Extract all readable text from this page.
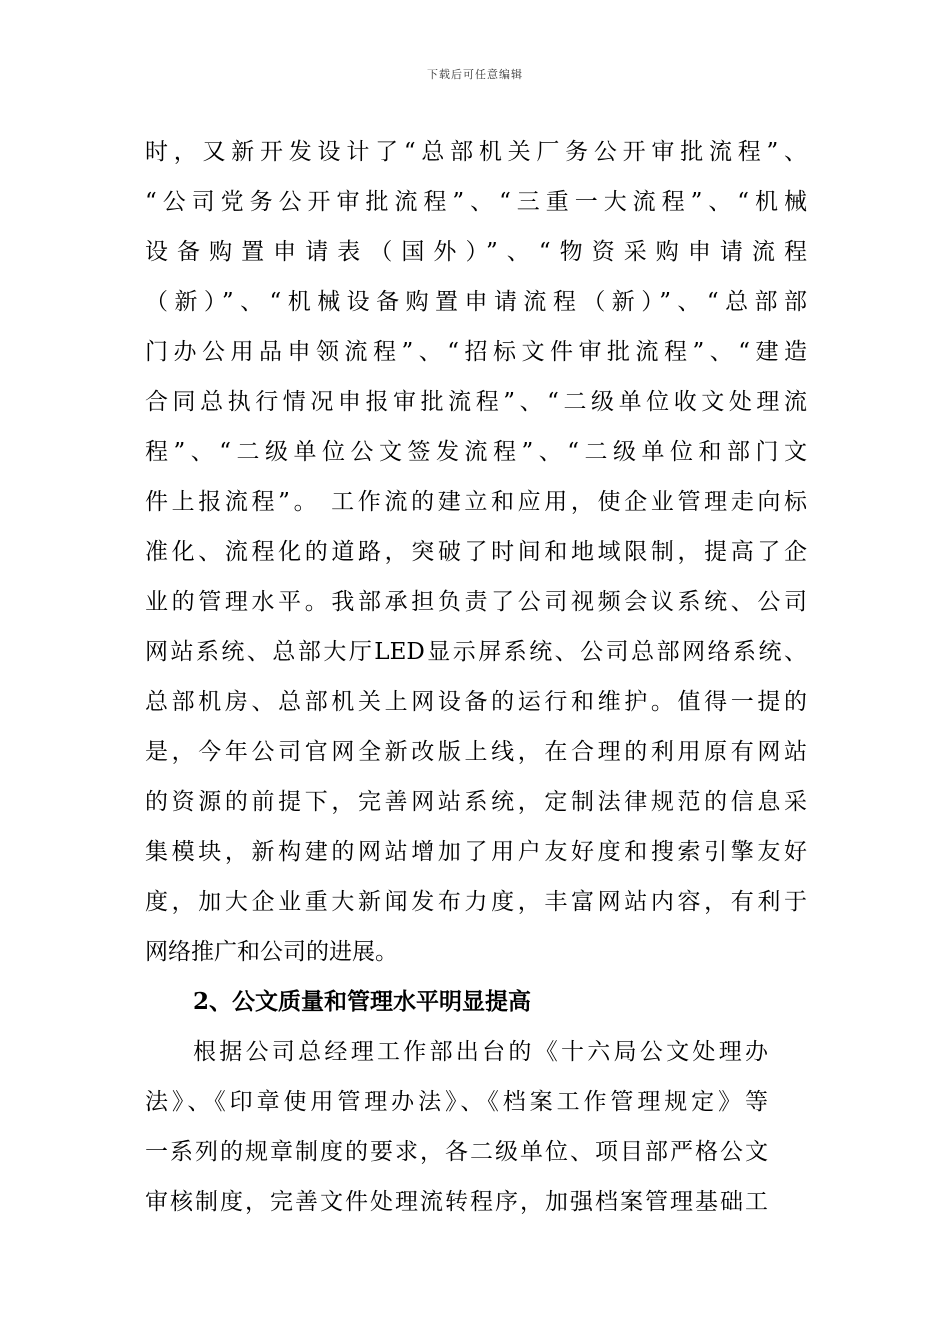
下载后可任意编辑
时，又新开发设计了“总部机关厂务公开审批流程”、
“公司党务公开审批流程”、“三重一大流程”、“机械
设备购置申请表（国外）”、“物资采购申请流程
（新）”、“机械设备购置申请流程（新）”、“总部部
门办公用品申领流程”、“招标文件审批流程”、“建造
合同总执行情况申报审批流程”、“二级单位收文处理流
程”、“二级单位公文签发流程”、“二级单位和部门文
件上报流程”。 工作流的建立和应用，使企业管理走向标
准化、流程化的道路，突破了时间和地域限制，提高了企
业的管理水平。我部承担负责了公司视频会议系统、公司
网站系统、总部大厅LED显示屏系统、公司总部网络系统、
总部机房、总部机关上网设备的运行和维护。值得一提的
是，今年公司官网全新改版上线，在合理的利用原有网站
的资源的前提下，完善网站系统，定制法律规范的信息采
集模块，新构建的网站增加了用户友好度和搜索引擎友好
度，加大企业重大新闻发布力度，丰富网站内容，有利于
网络推广和公司的进展。
2、公文质量和管理水平明显提高
根据公司总经理工作部出台的《十六局公文处理办
法》、《印章使用管理办法》、《档案工作管理规定》等
一系列的规章制度的要求，各二级单位、项目部严格公文
审核制度，完善文件处理流转程序，加强档案管理基础工
